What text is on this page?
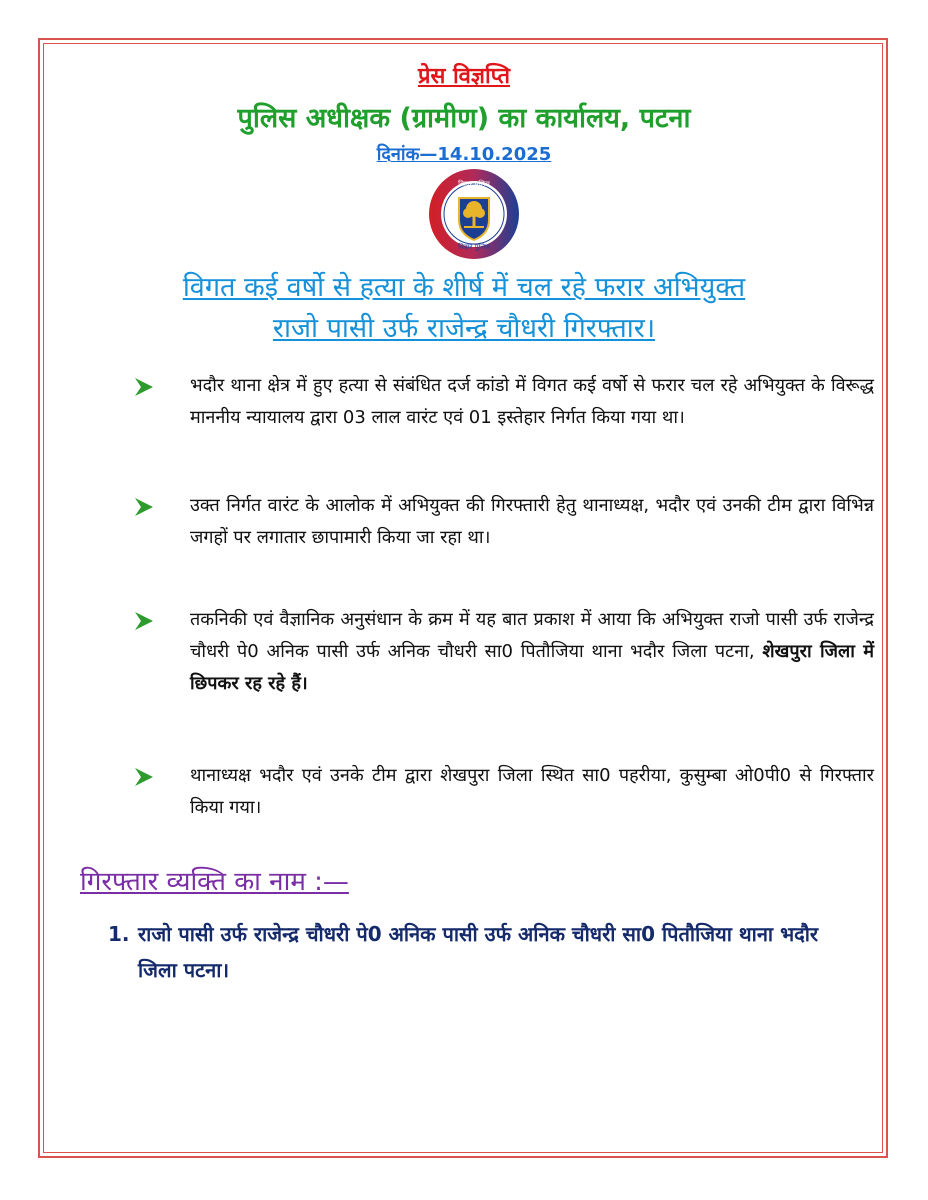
प्रेस विज्ञप्ति
पुलिस अधीक्षक (ग्रामीण) का कार्यालय, पटना
दिनांक—14.10.2025
बिहार पुलिस
बिहार पुलिस
विगत कई वर्षो से हत्या के शीर्ष में चल रहे फरार अभियुक्त
राजो पासी उर्फ राजेन्द्र चौधरी गिरफ्तार।
भदौर थाना क्षेत्र में हुए हत्या से संबंधित दर्ज कांडो में विगत कई वर्षो से फरार चल रहे अभियुक्त के विरूद्ध माननीय न्यायालय द्वारा 03 लाल वारंट एवं 01 इस्तेहार निर्गत किया गया था।
उक्त निर्गत वारंट के आलोक में अभियुक्त की गिरफ्तारी हेतु थानाध्यक्ष, भदौर एवं उनकी टीम द्वारा विभिन्न जगहों पर लगातार छापामारी किया जा रहा था।
तकनिकी एवं वैज्ञानिक अनुसंधान के क्रम में यह बात प्रकाश में आया कि अभियुक्त राजो पासी उर्फ राजेन्द्र चौधरी पे0 अनिक पासी उर्फ अनिक चौधरी सा0 पितौजिया थाना भदौर जिला पटना, शेखपुरा जिला में छिपकर रह रहे हैं।
थानाध्यक्ष भदौर एवं उनके टीम द्वारा शेखपुरा जिला स्थित सा0 पहरीया, कुसुम्बा ओ0पी0 से गिरफ्तार किया गया।
गिरफ्तार व्यक्ति का नाम :—
1. राजो पासी उर्फ राजेन्द्र चौधरी पे0 अनिक पासी उर्फ अनिक चौधरी सा0 पितौजिया थाना भदौर जिला पटना।
